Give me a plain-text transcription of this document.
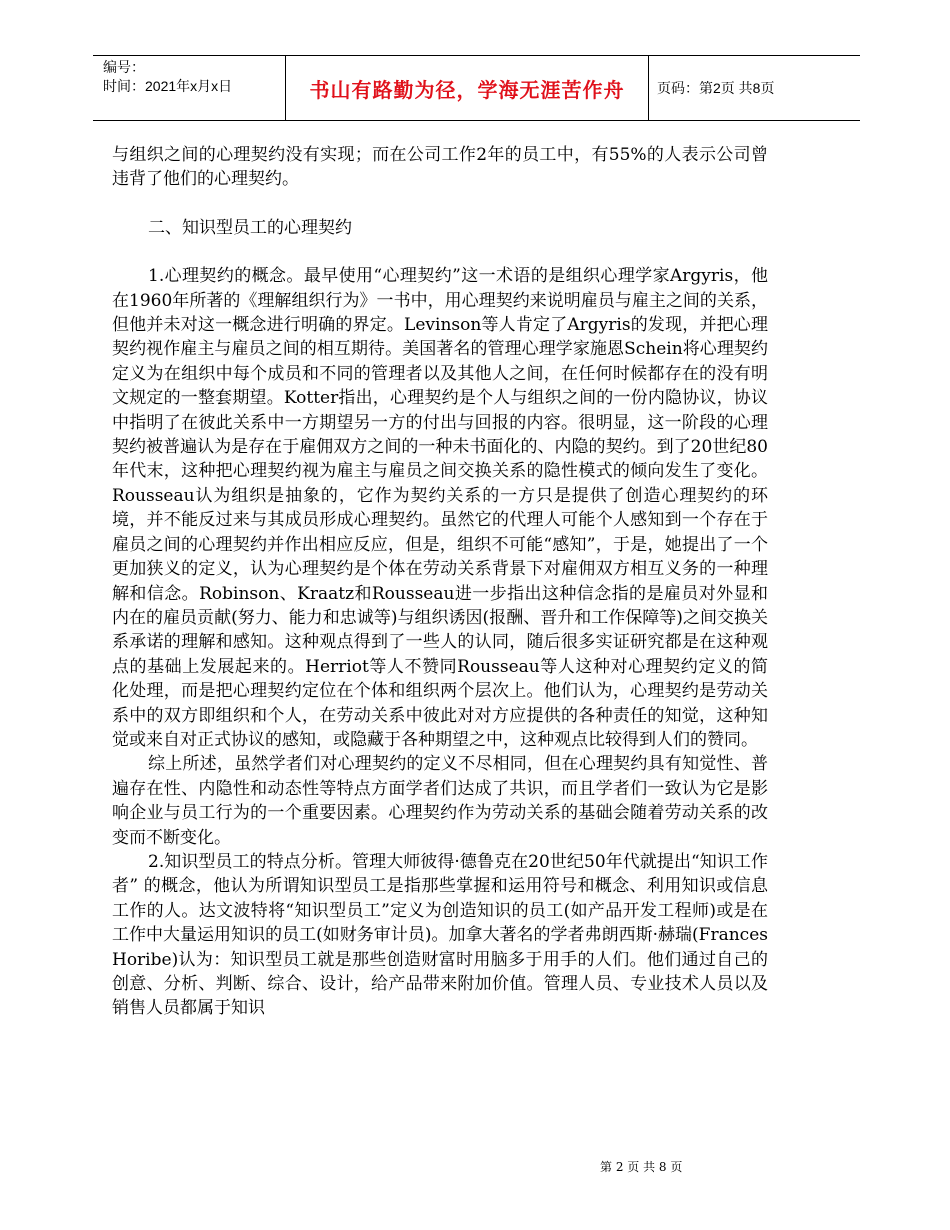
编号：
时间：2021年x月x日	书山有路勤为径，学海无涯苦作舟	页码：第2页 共8页

与组织之间的心理契约没有实现；而在公司工作2年的员工中，有55%的人表示公司曾违背了他们的心理契约。

二、知识型员工的心理契约

1.心理契约的概念。最早使用“心理契约”这一术语的是组织心理学家Argyris，他在1960年所著的《理解组织行为》一书中，用心理契约来说明雇员与雇主之间的关系，但他并未对这一概念进行明确的界定。Levinson等人肯定了Argyris的发现，并把心理契约视作雇主与雇员之间的相互期待。美国著名的管理心理学家施恩Schein将心理契约定义为在组织中每个成员和不同的管理者以及其他人之间，在任何时候都存在的没有明文规定的一整套期望。Kotter指出，心理契约是个人与组织之间的一份内隐协议，协议中指明了在彼此关系中一方期望另一方的付出与回报的内容。很明显，这一阶段的心理契约被普遍认为是存在于雇佣双方之间的一种未书面化的、内隐的契约。到了20世纪80年代末，这种把心理契约视为雇主与雇员之间交换关系的隐性模式的倾向发生了变化。Rousseau认为组织是抽象的，它作为契约关系的一方只是提供了创造心理契约的环境，并不能反过来与其成员形成心理契约。虽然它的代理人可能个人感知到一个存在于雇员之间的心理契约并作出相应反应，但是，组织不可能“感知”，于是，她提出了一个更加狭义的定义，认为心理契约是个体在劳动关系背景下对雇佣双方相互义务的一种理解和信念。Robinson、Kraatz和Rousseau进一步指出这种信念指的是雇员对外显和内在的雇员贡献(努力、能力和忠诚等)与组织诱因(报酬、晋升和工作保障等)之间交换关系承诺的理解和感知。这种观点得到了一些人的认同，随后很多实证研究都是在这种观点的基础上发展起来的。Herriot等人不赞同Rousseau等人这种对心理契约定义的简化处理，而是把心理契约定位在个体和组织两个层次上。他们认为，心理契约是劳动关系中的双方即组织和个人，在劳动关系中彼此对对方应提供的各种责任的知觉，这种知觉或来自对正式协议的感知，或隐藏于各种期望之中，这种观点比较得到人们的赞同。

综上所述，虽然学者们对心理契约的定义不尽相同，但在心理契约具有知觉性、普遍存在性、内隐性和动态性等特点方面学者们达成了共识，而且学者们一致认为它是影响企业与员工行为的一个重要因素。心理契约作为劳动关系的基础会随着劳动关系的改变而不断变化。

2.知识型员工的特点分析。管理大师彼得·德鲁克在20世纪50年代就提出“知识工作者” 的概念，他认为所谓知识型员工是指那些掌握和运用符号和概念、利用知识或信息工作的人。达文波特将“知识型员工”定义为创造知识的员工(如产品开发工程师)或是在工作中大量运用知识的员工(如财务审计员)。加拿大著名的学者弗朗西斯·赫瑞(Frances Horibe)认为：知识型员工就是那些创造财富时用脑多于用手的人们。他们通过自己的创意、分析、判断、综合、设计，给产品带来附加价值。管理人员、专业技术人员以及销售人员都属于知识

第 2 页 共 8 页
